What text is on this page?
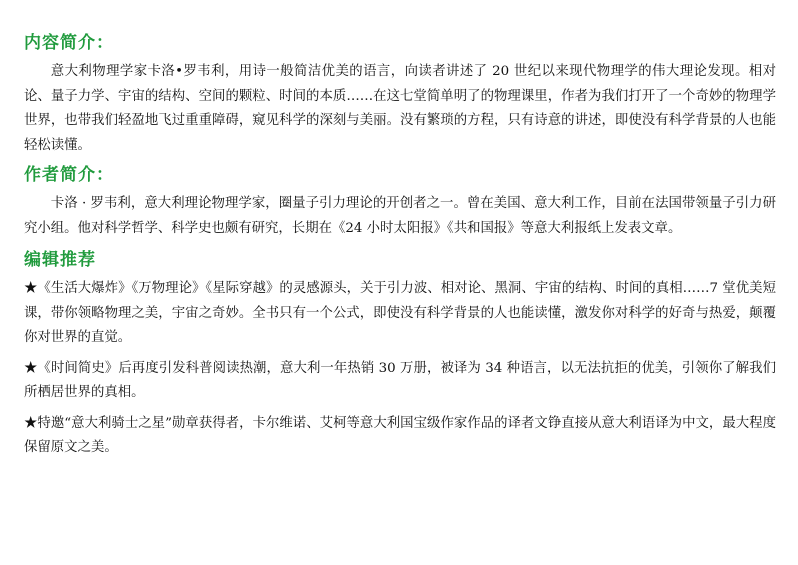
内容简介：

意大利物理学家卡洛•罗韦利，用诗一般简洁优美的语言，向读者讲述了 20 世纪以来现代物理学的伟大理论发现。相对论、量子力学、宇宙的结构、空间的颗粒、时间的本质……在这七堂简单明了的物理课里，作者为我们打开了一个奇妙的物理学世界，也带我们轻盈地飞过重重障碍，窥见科学的深刻与美丽。没有繁琐的方程，只有诗意的讲述，即使没有科学背景的人也能轻松读懂。

作者简介：

卡洛 · 罗韦利，意大利理论物理学家，圈量子引力理论的开创者之一。曾在美国、意大利工作，目前在法国带领量子引力研究小组。他对科学哲学、科学史也颇有研究，长期在《24 小时太阳报》《共和国报》等意大利报纸上发表文章。

编辑推荐

★《生活大爆炸》《万物理论》《星际穿越》的灵感源头，关于引力波、相对论、黑洞、宇宙的结构、时间的真相……7 堂优美短课，带你领略物理之美，宇宙之奇妙。全书只有一个公式，即使没有科学背景的人也能读懂，激发你对科学的好奇与热爱，颠覆你对世界的直觉。

★《时间简史》后再度引发科普阅读热潮，意大利一年热销 30 万册，被译为 34 种语言，以无法抗拒的优美，引领你了解我们所栖居世界的真相。

★特邀“意大利骑士之星”勋章获得者，卡尔维诺、艾柯等意大利国宝级作家作品的译者文铮直接从意大利语译为中文，最大程度保留原文之美。
